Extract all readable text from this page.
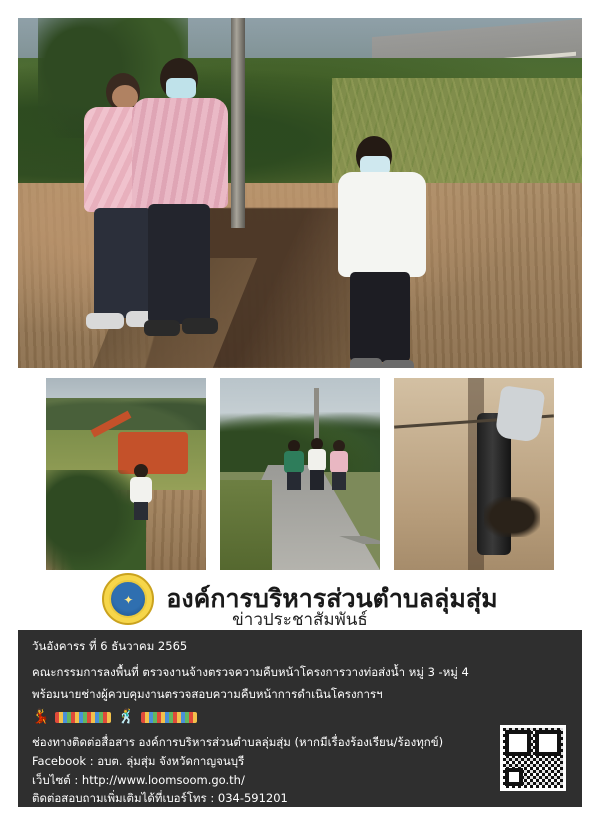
✦	องค์การบริหารส่วนตำบลลุ่มสุ่ม
ข่าวประชาสัมพันธ์
วันอังคารร ที่ 6 ธันวาคม 2565
คณะกรรมการลงพื้นที่ ตรวจงานจ้างตรวจความคืบหน้าโครงการวางท่อส่งน้ำ หมู่ 3 -หมู่ 4
พร้อมนายช่างผู้ควบคุมงานตรวจสอบความคืบหน้าการดำเนินโครงการฯ
💃	🕺
ช่องทางติดต่อสื่อสาร องค์การบริหารส่วนตำบลลุ่มสุ่ม (หากมีเรื่องร้องเรียน/ร้องทุกข์)
Facebook : อบต. ลุ่มสุ่ม จังหวัดกาญจนบุรี
เว็บไซต์ : http://www.loomsoom.go.th/
ติดต่อสอบถามเพิ่มเติมได้ที่เบอร์โทร : 034-591201
